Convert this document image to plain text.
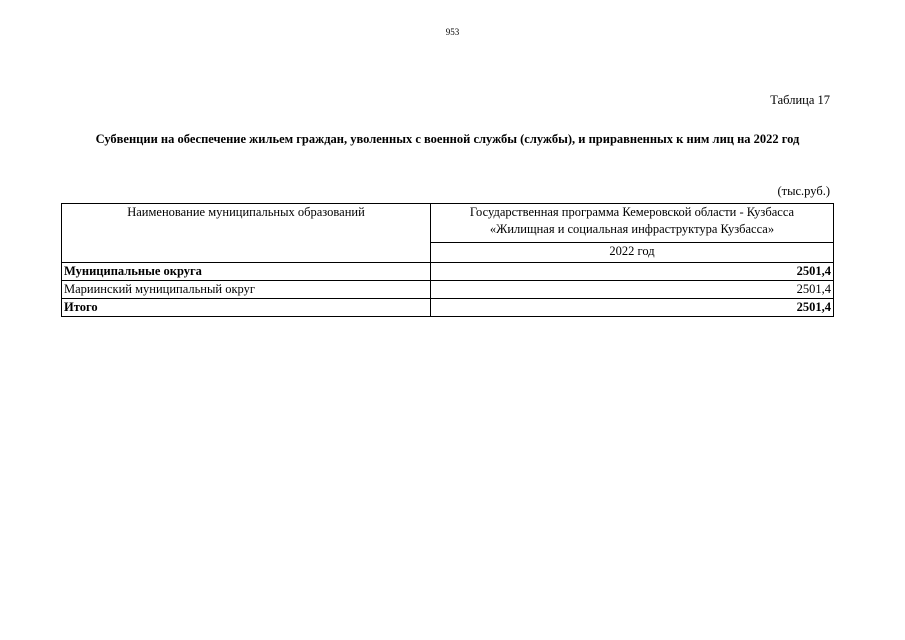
953
Таблица 17
Субвенции на обеспечение жильем граждан, уволенных с военной службы (службы), и приравненных к ним лиц на 2022 год
(тыс.руб.)
Наименование муниципальных образований	Государственная программа Кемеровской области - Кузбасса
«Жилищная и социальная инфраструктура Кузбасса»

	2022 год
Муниципальные округа	2501,4
Мариинский муниципальный округ	2501,4
Итого	2501,4
